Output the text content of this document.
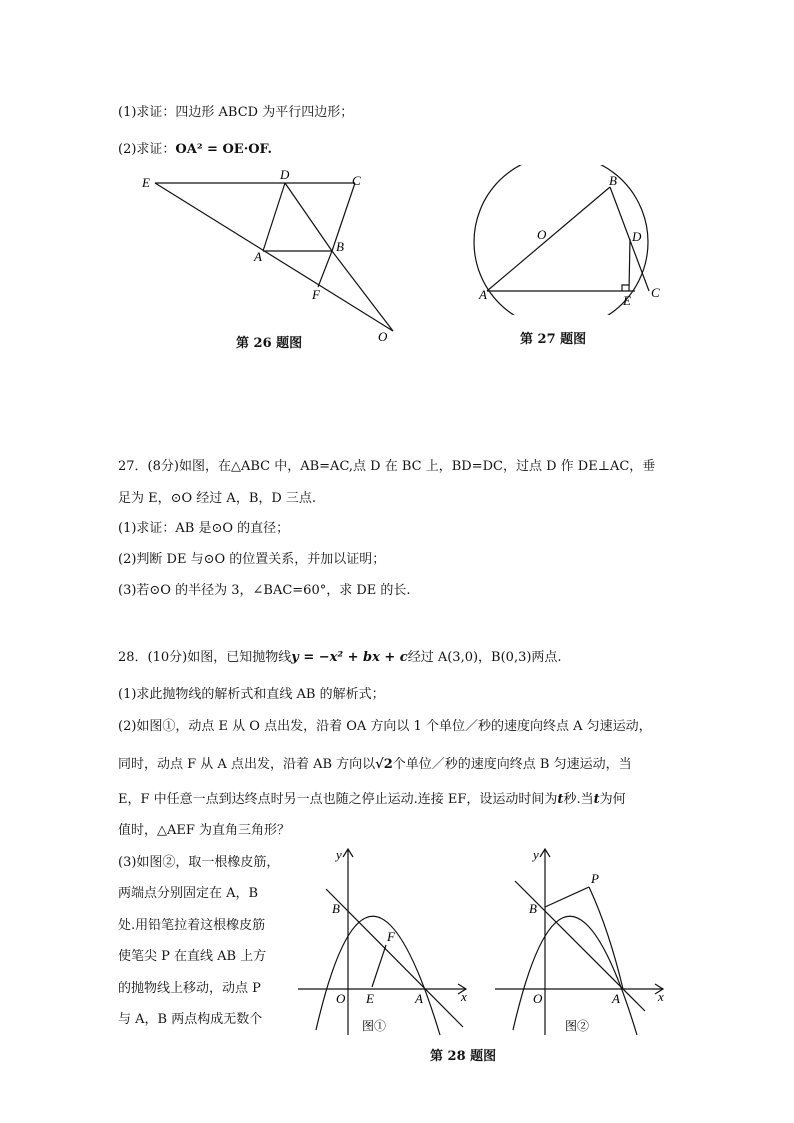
(1)求证：四边形 ABCD 为平行四边形；
(2)求证：OA² = OE·OF.
E
D	C
A
B
F
O
第 26 题图
B
O	D
A	E
C
第 27 题图
27．(8分)如图，在△ABC 中，AB=AC,点 D 在 BC 上，BD=DC，过点 D 作 DE⊥AC，垂
足为 E，⊙O 经过 A，B，D 三点.
(1)求证：AB 是⊙O 的直径；
(2)判断 DE 与⊙O 的位置关系，并加以证明；
(3)若⊙O 的半径为 3，∠BAC=60°，求 DE 的长.
28．(10分)如图，已知抛物线y = −x² + bx + c经过 A(3,0)，B(0,3)两点.
(1)求此抛物线的解析式和直线 AB 的解析式；
(2)如图①，动点 E 从 O 点出发，沿着 OA 方向以 1 个单位／秒的速度向终点 A 匀速运动，
同时，动点 F 从 A 点出发，沿着 AB 方向以√2个单位／秒的速度向终点 B 匀速运动，当
E，F 中任意一点到达终点时另一点也随之停止运动.连接 EF，设运动时间为t秒.当t为何
值时，△AEF 为直角三角形？
(3)如图②，取一根橡皮筋，
两端点分别固定在 A，B
处.用铅笔拉着这根橡皮筋
使笔尖 P 在直线 AB 上方
的抛物线上移动，动点 P
与 A，B 两点构成无数个
y
B
F
O E	A	x
图①
y
P
B
O	A	x
图②
第 28 题图
